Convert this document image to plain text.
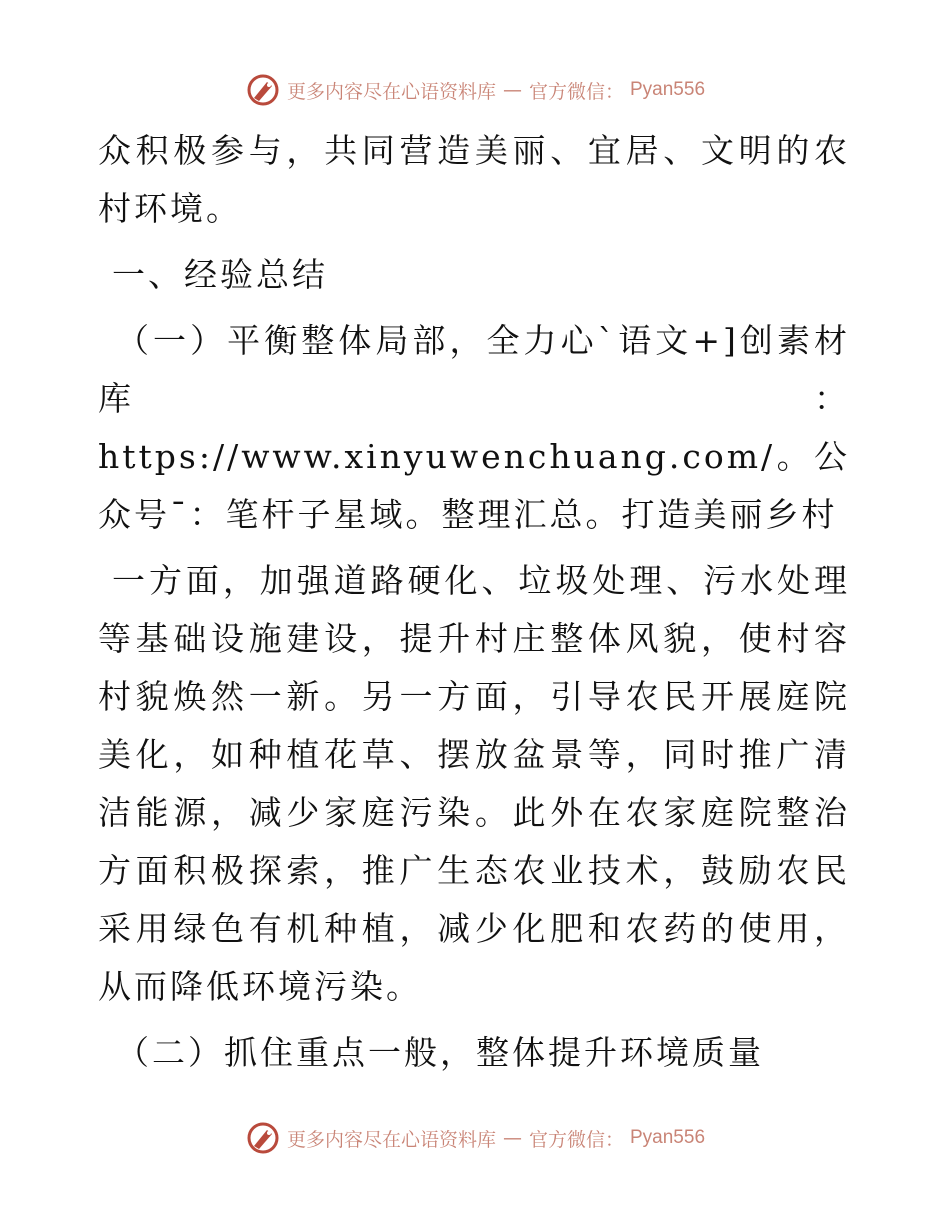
更多内容尽在心语资料库 — 官方微信： Pyan556

众积极参与，共同营造美丽、宜居、文明的农村环境。

一、经验总结

（一）平衡整体局部，全力心`语文+]创素材库：https://www.xinyuwenchuang.com/。公众号¯：笔杆子星域。整理汇总。打造美丽乡村

一方面，加强道路硬化、垃圾处理、污水处理等基础设施建设，提升村庄整体风貌，使村容村貌焕然一新。另一方面，引导农民开展庭院美化，如种植花草、摆放盆景等，同时推广清洁能源，减少家庭污染。此外在农家庭院整治方面积极探索，推广生态农业技术，鼓励农民采用绿色有机种植，减少化肥和农药的使用，从而降低环境污染。

（二）抓住重点一般，整体提升环境质量

更多内容尽在心语资料库 — 官方微信： Pyan556
